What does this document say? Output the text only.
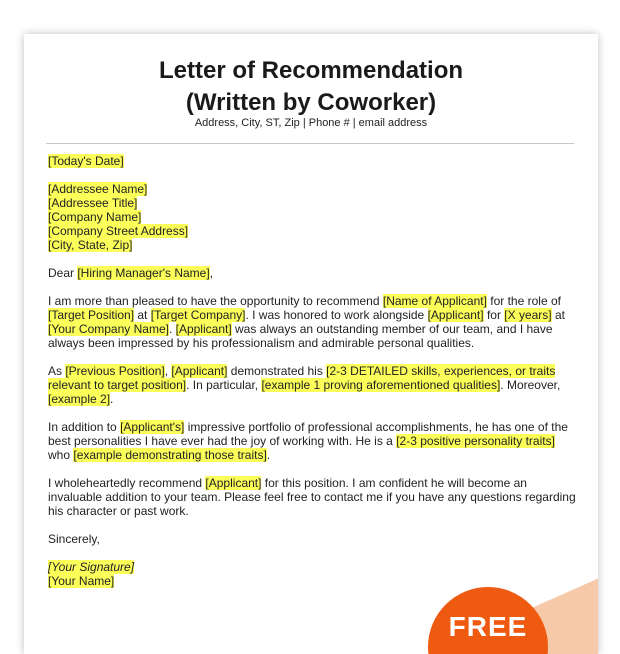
Letter of Recommendation
(Written by Coworker)
Address, City, ST, Zip | Phone # | email address

[Today's Date]

[Addressee Name]

[Addressee Title]

[Company Name]

[Company Street Address]

[City, State, Zip]

Dear [Hiring Manager's Name],

I am more than pleased to have the opportunity to recommend [Name of Applicant] for the role of [Target Position] at [Target Company]. I was honored to work alongside [Applicant] for [X years] at [Your Company Name]. [Applicant] was always an outstanding member of our team, and I have always been impressed by his professionalism and admirable personal qualities.

As [Previous Position], [Applicant] demonstrated his [2-3 DETAILED skills, experiences, or traits relevant to target position]. In particular, [example 1 proving aforementioned qualities]. Moreover, [example 2].

In addition to [Applicant's] impressive portfolio of professional accomplishments, he has one of the best personalities I have ever had the joy of working with. He is a [2-3 positive personality traits] who [example demonstrating those traits].

I wholeheartedly recommend [Applicant] for this position. I am confident he will become an invaluable addition to your team. Please feel free to contact me if you have any questions regarding his character or past work.

Sincerely,

[Your Signature]

[Your Name]

FREE
